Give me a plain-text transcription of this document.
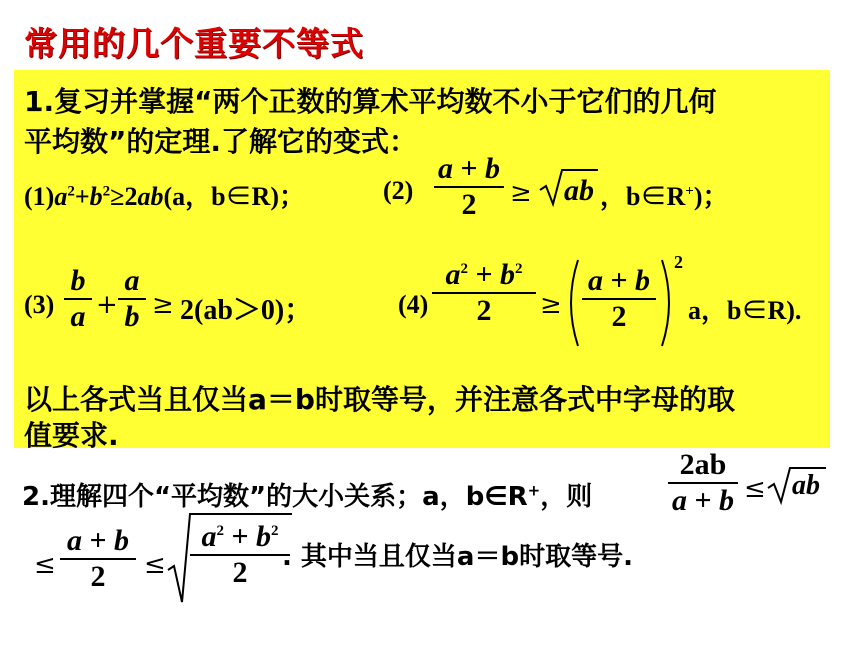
常用的几个重要不等式
1.复习并掌握“两个正数的算术平均数不小于它们的几何
平均数”的定理.了解它的变式：
$(1)a^2+b^2\ge 2ab(a$，b∈R)；	(2)
a + b
2	≥ ab ，b∈R+)；
(3)
b
a +
a
b ≥ 2(ab＞0)；	(4)
$a^2 + b^2$
2	≥
a + b
2
2
a，b∈R).
以上各式当且仅当a＝b时取等号，并注意各式中字母的取
值要求.
2.理解四个“平均数”的大小关系；a，b∈R+，则
2ab
a + b ≤ ab
≤
a + b
2	≤
$a^2 + b^2$
2	. 其中当且仅当a＝b时取等号.
